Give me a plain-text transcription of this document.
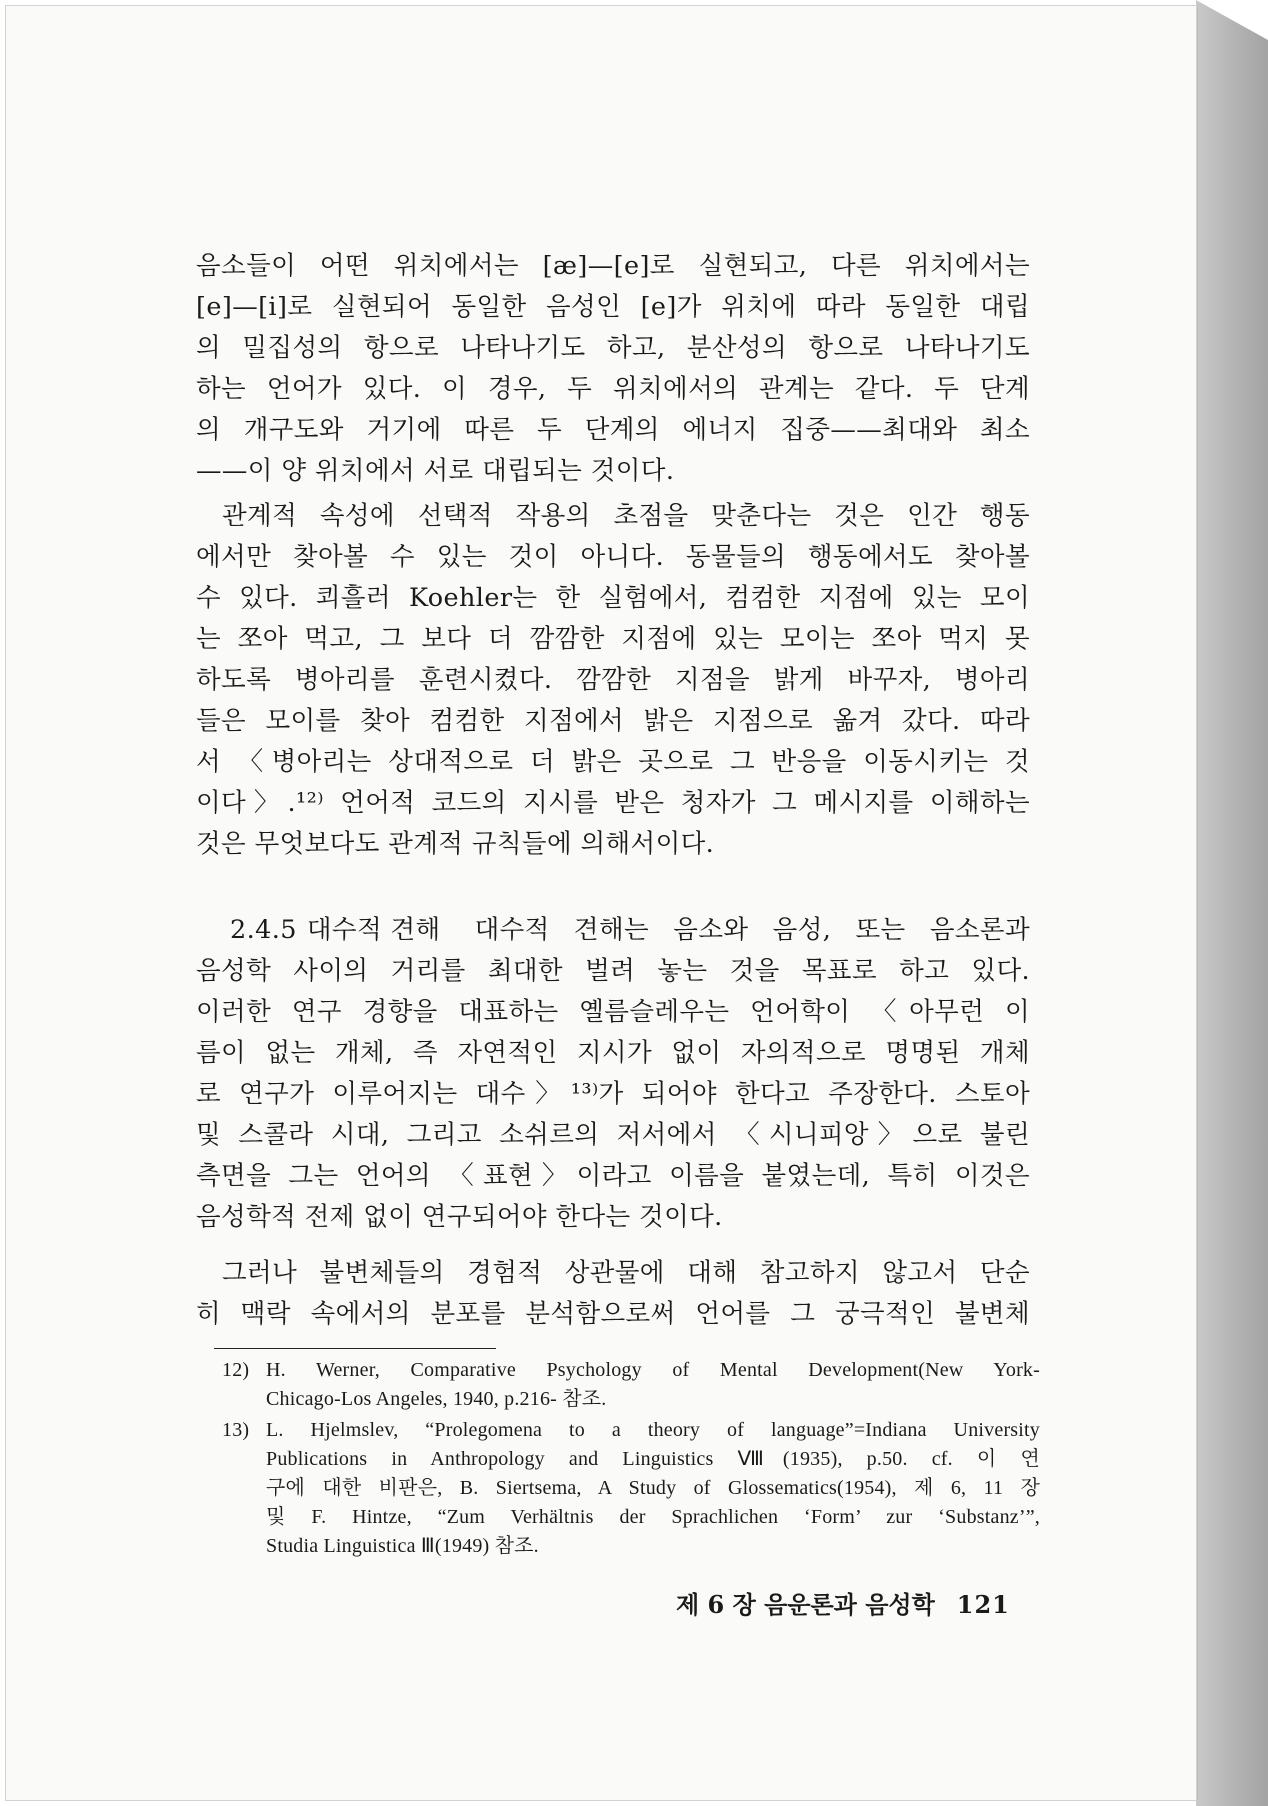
음소들이 어떤 위치에서는 [æ]—[e]로 실현되고, 다른 위치에서는
[e]—[i]로 실현되어 동일한 음성인 [e]가 위치에 따라 동일한 대립
의 밀집성의 항으로 나타나기도 하고, 분산성의 항으로 나타나기도
하는 언어가 있다. 이 경우, 두 위치에서의 관계는 같다. 두 단계
의 개구도와 거기에 따른 두 단계의 에너지 집중——최대와 최소
——이 양 위치에서 서로 대립되는 것이다.
관계적 속성에 선택적 작용의 초점을 맞춘다는 것은 인간 행동
에서만 찾아볼 수 있는 것이 아니다. 동물들의 행동에서도 찾아볼
수 있다. 쾨흘러 Koehler는 한 실험에서, 컴컴한 지점에 있는 모이
는 쪼아 먹고, 그 보다 더 깜깜한 지점에 있는 모이는 쪼아 먹지 못
하도록 병아리를 훈련시켰다. 깜깜한 지점을 밝게 바꾸자, 병아리
들은 모이를 찾아 컴컴한 지점에서 밝은 지점으로 옮겨 갔다. 따라
서 〈병아리는 상대적으로 더 밝은 곳으로 그 반응을 이동시키는 것
이다〉.¹²⁾ 언어적 코드의 지시를 받은 청자가 그 메시지를 이해하는
것은 무엇보다도 관계적 규칙들에 의해서이다.
2.4.5 대수적 견해 대수적 견해는 음소와 음성, 또는 음소론과
음성학 사이의 거리를 최대한 벌려 놓는 것을 목표로 하고 있다.
이러한 연구 경향을 대표하는 옐름슬레우는 언어학이 〈아무런 이
름이 없는 개체, 즉 자연적인 지시가 없이 자의적으로 명명된 개체
로 연구가 이루어지는 대수〉¹³⁾가 되어야 한다고 주장한다. 스토아
및 스콜라 시대, 그리고 소쉬르의 저서에서 〈시니피앙〉으로 불린
측면을 그는 언어의 〈표현〉이라고 이름을 붙였는데, 특히 이것은
음성학적 전제 없이 연구되어야 한다는 것이다.
그러나 불변체들의 경험적 상관물에 대해 참고하지 않고서 단순
히 맥락 속에서의 분포를 분석함으로써 언어를 그 궁극적인 불변체
12) H. Werner, Comparative Psychology of Mental Development(New York-
Chicago-Los Angeles, 1940, p.216- 참조.
13) L. Hjelmslev, “Prolegomena to a theory of language”=Indiana University
Publications in Anthropology and Linguistics Ⅷ(1935), p.50. cf. 이 연
구에 대한 비판은, B. Siertsema, A Study of Glossematics(1954), 제 6, 11 장
및 F. Hintze, “Zum Verhältnis der Sprachlichen ‘Form’ zur ‘Substanz’”,
Studia Linguistica Ⅲ(1949) 참조.
제 6 장 음운론과 음성학 121
